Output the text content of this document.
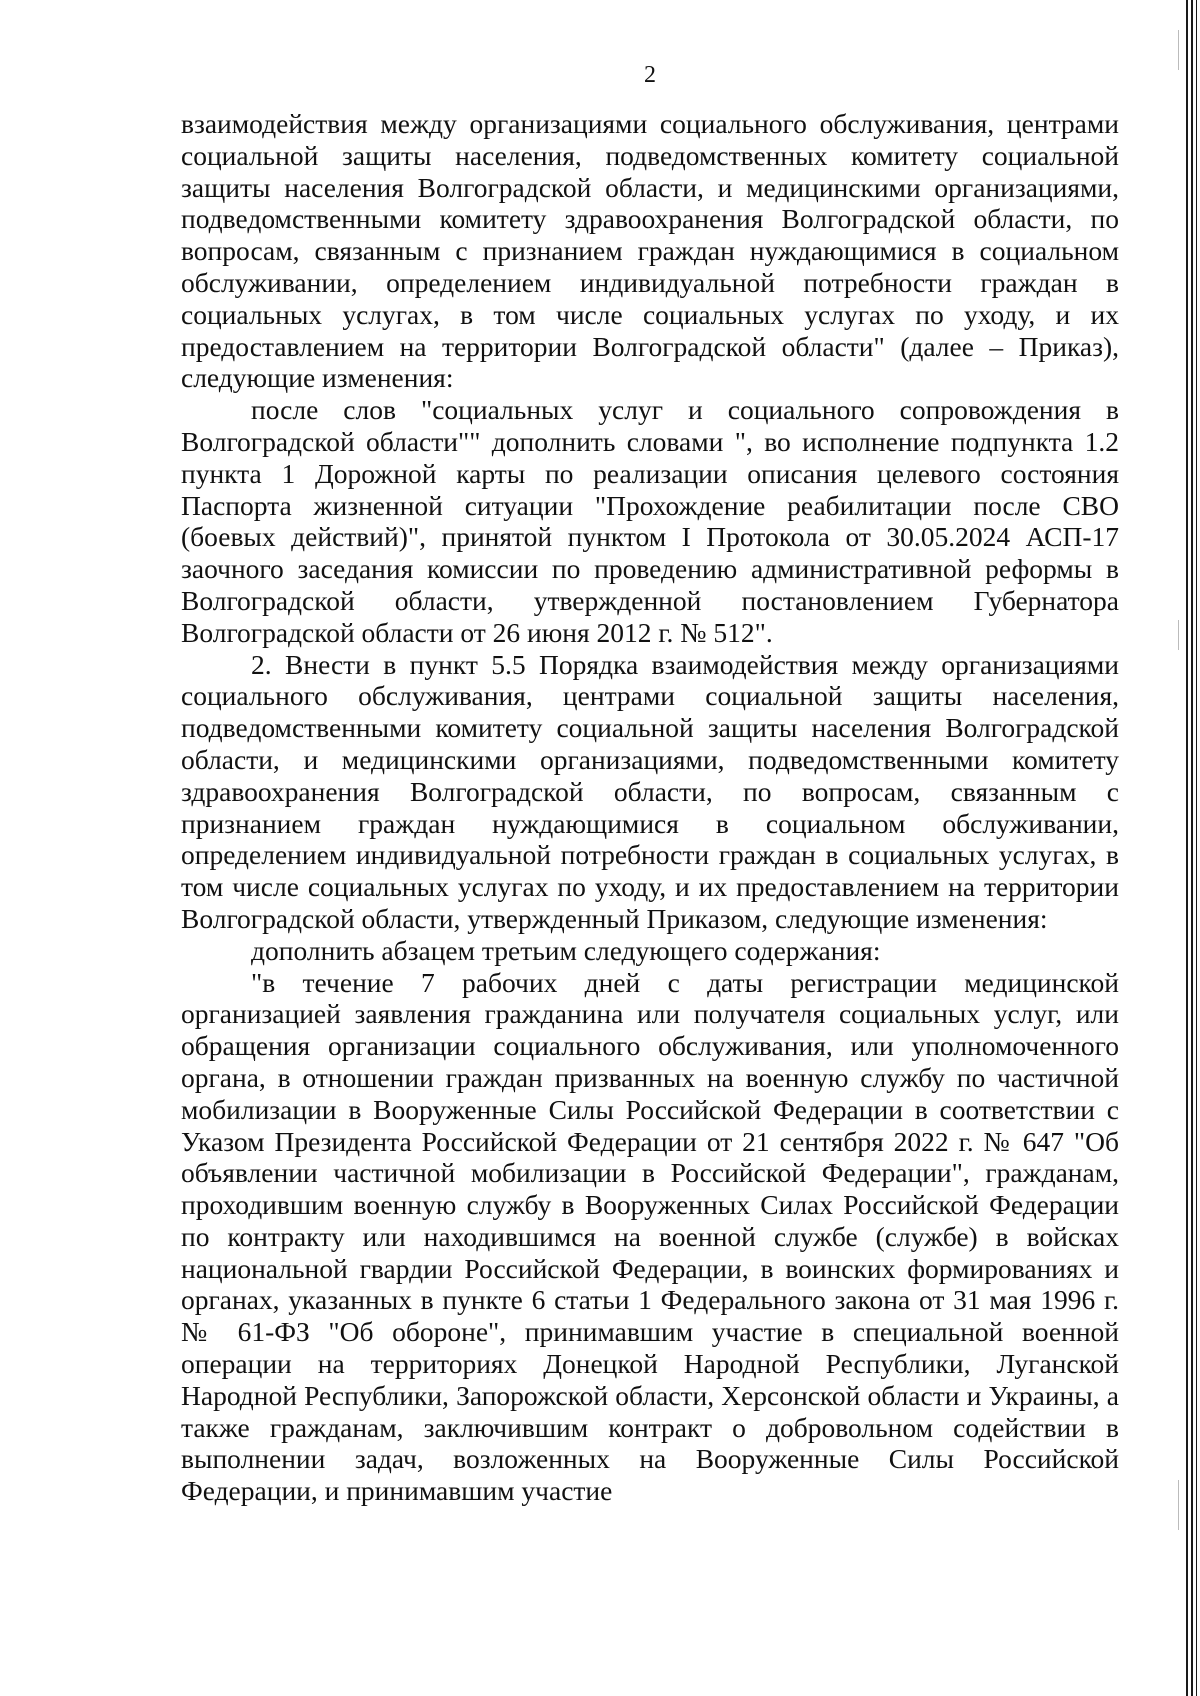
2

взаимодействия между организациями социального обслуживания, центрами социальной защиты населения, подведомственных комитету социальной защиты населения Волгоградской области, и медицинскими организациями, подведомственными комитету здравоохранения Волгоградской области, по вопросам, связанным с признанием граждан нуждающимися в социальном обслуживании, определением индивидуальной потребности граждан в социальных услугах, в том числе социальных услугах по уходу, и их предоставлением на территории Волгоградской области" (далее – Приказ), следующие изменения:

после слов "социальных услуг и социального сопровождения в Волгоградской области"" дополнить словами ", во исполнение подпункта 1.2 пункта 1 Дорожной карты по реализации описания целевого состояния Паспорта жизненной ситуации "Прохождение реабилитации после СВО (боевых действий)", принятой пунктом I Протокола от 30.05.2024 АСП-17 заочного заседания комиссии по проведению административной реформы в Волгоградской области, утвержденной постановлением Губернатора Волгоградской области от 26 июня 2012 г. № 512".

2. Внести в пункт 5.5 Порядка взаимодействия между организациями социального обслуживания, центрами социальной защиты населения, подведомственными комитету социальной защиты населения Волгоградской области, и медицинскими организациями, подведомственными комитету здравоохранения Волгоградской области, по вопросам, связанным с признанием граждан нуждающимися в социальном обслуживании, определением индивидуальной потребности граждан в социальных услугах, в том числе социальных услугах по уходу, и их предоставлением на территории Волгоградской области, утвержденный Приказом, следующие изменения:

дополнить абзацем третьим следующего содержания:

"в течение 7 рабочих дней с даты регистрации медицинской организацией заявления гражданина или получателя социальных услуг, или обращения организации социального обслуживания, или уполномоченного органа, в отношении граждан призванных на военную службу по частичной мобилизации в Вооруженные Силы Российской Федерации в соответствии с Указом Президента Российской Федерации от 21 сентября 2022 г. № 647 "Об объявлении частичной мобилизации в Российской Федерации", гражданам, проходившим военную службу в Вооруженных Силах Российской Федерации по контракту или находившимся на военной службе (службе) в войсках национальной гвардии Российской Федерации, в воинских формированиях и органах, указанных в пункте 6 статьи 1 Федерального закона от 31 мая 1996 г. № 61-ФЗ "Об обороне", принимавшим участие в специальной военной операции на территориях Донецкой Народной Республики, Луганской Народной Республики, Запорожской области, Херсонской области и Украины, а также гражданам, заключившим контракт о добровольном содействии в выполнении задач, возложенных на Вооруженные Силы Российской Федерации, и принимавшим участие
